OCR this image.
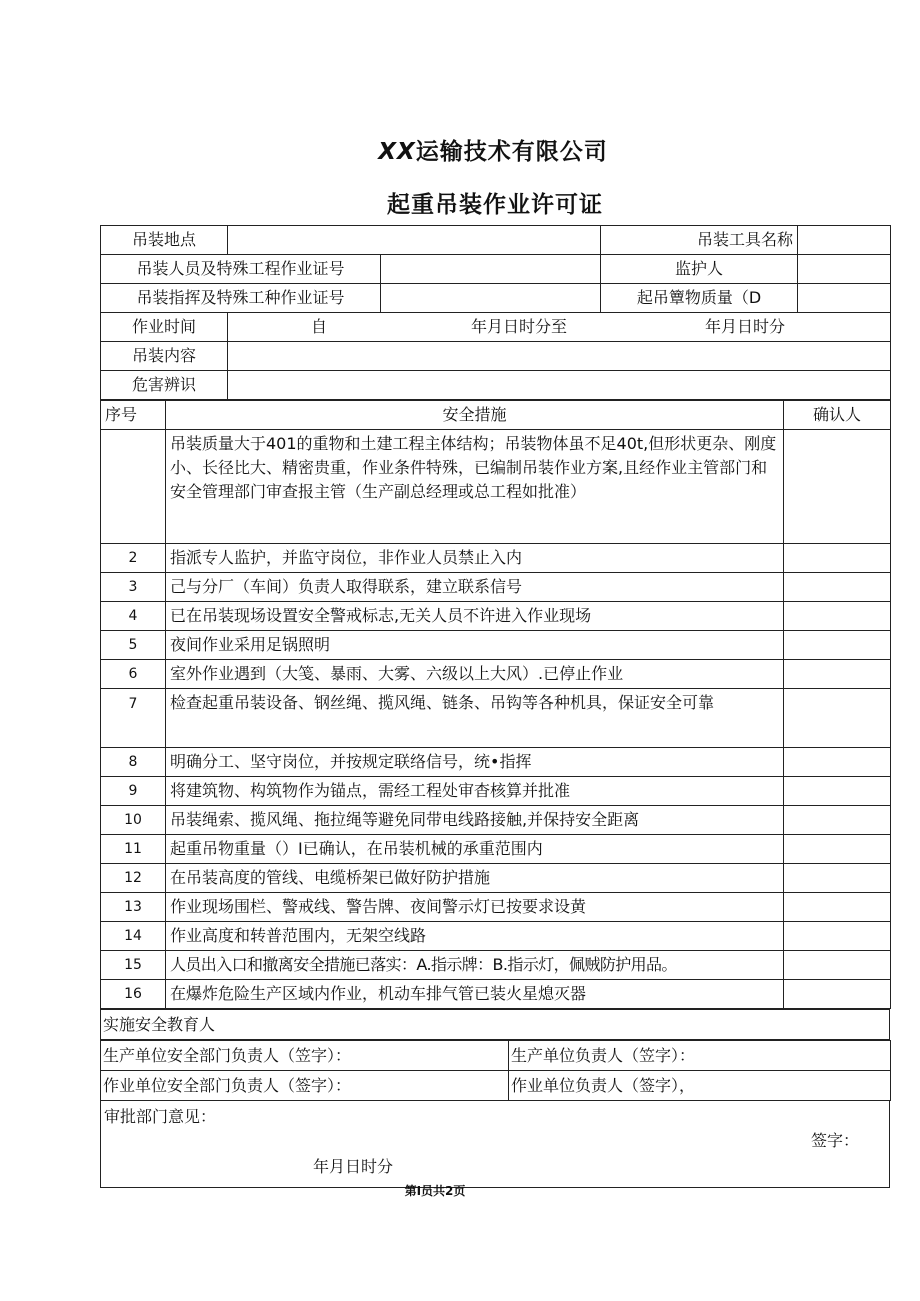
XX运输技术有限公司
起重吊装作业许可证
吊装地点			吊装工具名称	
吊装人员及特殊工程作业证号			监护人	
吊装指挥及特殊工种作业证号			起吊簟物质量（D	
作业时间	自 年月日时分至 年月日时分			
吊装内容				
危害辨识				
序号	安全措施	确认人
	吊装质量大于401的重物和土建工程主体结构；吊装物体虽不足40t,但形状更杂、刚度小、长径比大、精密贵重，作业条件特殊，已编制吊装作业方案,且经作业主管部门和安全管理部门审查报主管（生产副总经理或总工程如批准）	
2	指派专人监护，并监守岗位，非作业人员禁止入内	
3	己与分厂（车间）负责人取得联系，建立联系信号	
4	已在吊装现场设置安全警戒标志,无关人员不许进入作业现场	
5	夜间作业采用足锅照明	
6	室外作业遇到（大笺、暴雨、大雾、六级以上大风）.已停止作业	
7	检查起重吊装设备、钢丝绳、揽风绳、链条、吊钩等各种机具，保证安全可靠	
8	明确分工、坚守岗位，并按规定联络信号，统•指挥	
9	将建筑物、构筑物作为锚点，需经工程处审杳核算并批准	
10	吊装绳索、揽风绳、拖拉绳等避免同带电线路接触,并保持安全距离	
11	起重吊物重量（）I已确认，在吊装机械的承重范围内	
12	在吊装高度的管线、电缆桥架已做好防护措施	
13	作业现场围栏、警戒线、警告牌、夜间警示灯已按要求设黄	
14	作业高度和转普范围内，无架空线路	
15	人员出入口和撤离安全措施已落实：A.指示牌：B.指示灯，佩贼防护用品。	
16	在爆炸危险生产区域内作业，机动车排气管已装火星熄灭器	
实施安全教育人
生产单位安全部门负责人（笠字）：	生产单位负责人（笠字）：
作业单位安全部门负责人（签字）：	作业单位负责人（签字），
审批部门意见：
签字：
年月日时分
第I员共2页
